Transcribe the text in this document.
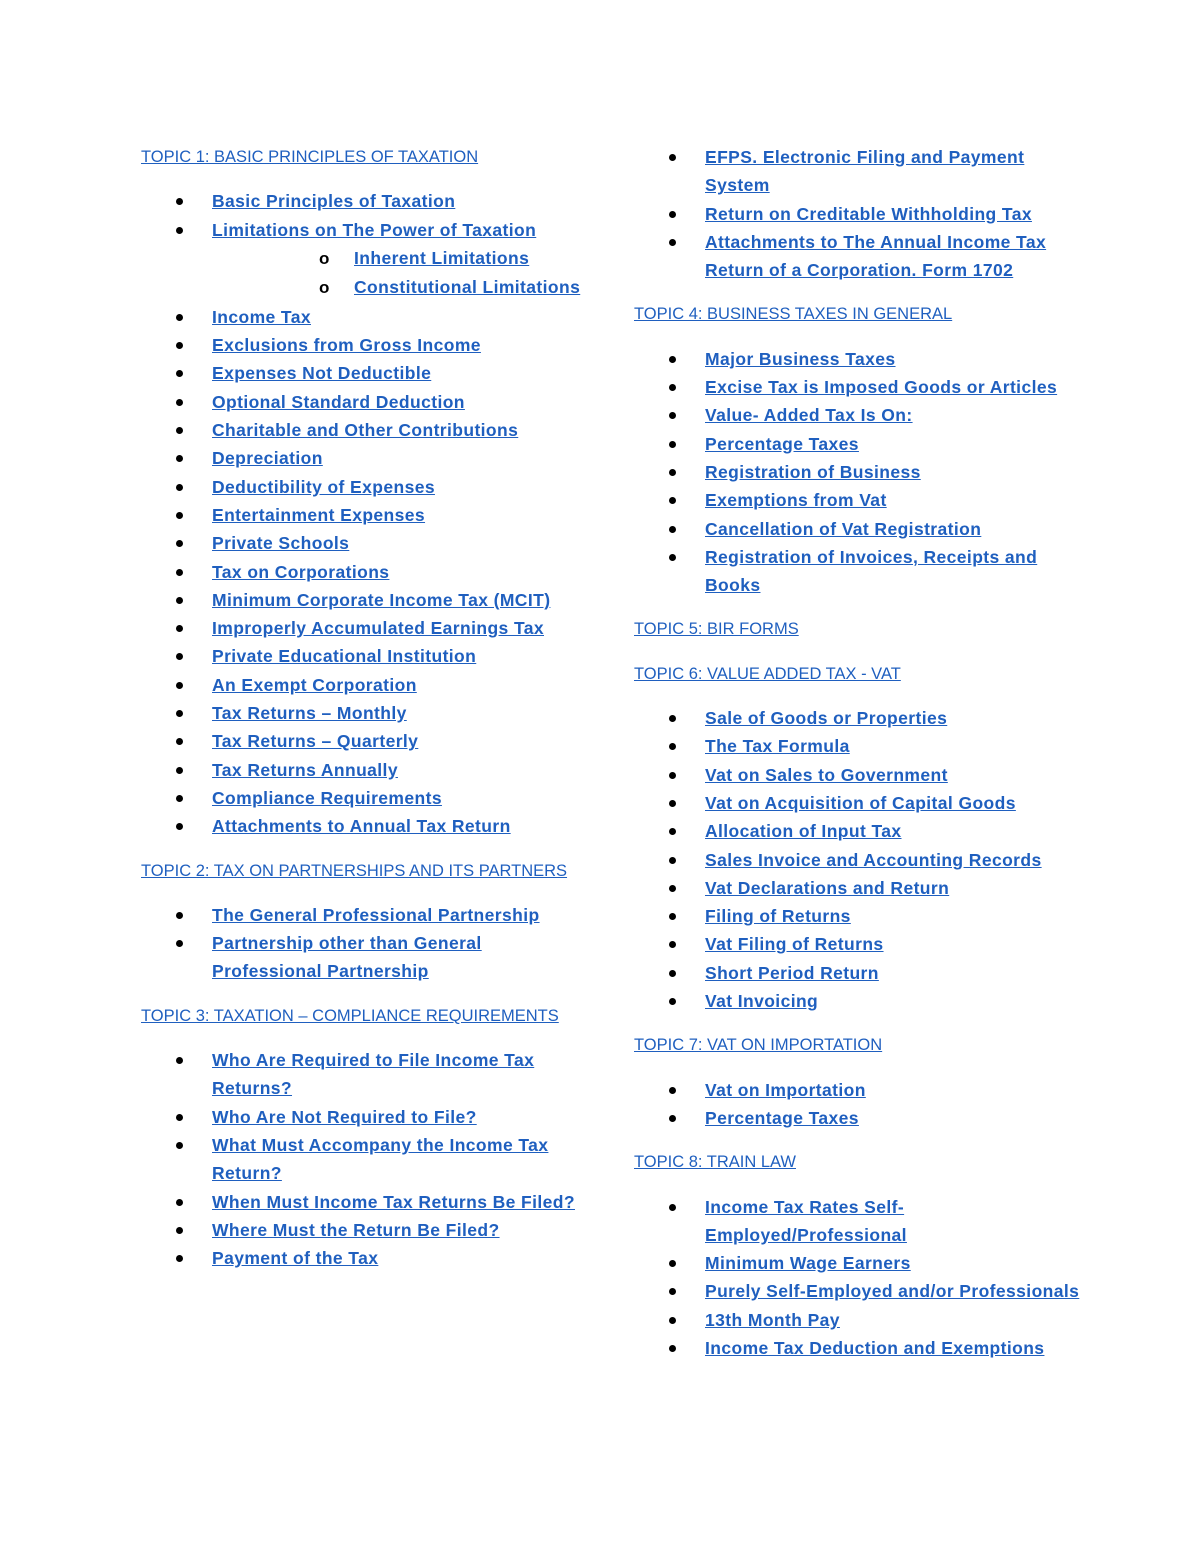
TOPIC 1: BASIC PRINCIPLES OF TAXATION
Basic Principles of Taxation
Limitations on The Power of Taxation
o Inherent Limitations
o Constitutional Limitations
Income Tax
Exclusions from Gross Income
Expenses Not Deductible
Optional Standard Deduction
Charitable and Other Contributions
Depreciation
Deductibility of Expenses
Entertainment Expenses
Private Schools
Tax on Corporations
Minimum Corporate Income Tax (MCIT)
Improperly Accumulated Earnings Tax
Private Educational Institution
An Exempt Corporation
Tax Returns – Monthly
Tax Returns – Quarterly
Tax Returns Annually
Compliance Requirements
Attachments to Annual Tax Return
TOPIC 2: TAX ON PARTNERSHIPS AND ITS PARTNERS
The General Professional Partnership
Partnership other than General Professional Partnership
TOPIC 3: TAXATION – COMPLIANCE REQUIREMENTS
Who Are Required to File Income Tax Returns?
Who Are Not Required to File?
What Must Accompany the Income Tax Return?
When Must Income Tax Returns Be Filed?
Where Must the Return Be Filed?
Payment of the Tax
EFPS. Electronic Filing and Payment System
Return on Creditable Withholding Tax
Attachments to The Annual Income Tax Return of a Corporation. Form 1702
TOPIC 4: BUSINESS TAXES IN GENERAL
Major Business Taxes
Excise Tax is Imposed Goods or Articles
Value- Added Tax Is On:
Percentage Taxes
Registration of Business
Exemptions from Vat
Cancellation of Vat Registration
Registration of Invoices, Receipts and Books
TOPIC 5: BIR FORMS
TOPIC 6: VALUE ADDED TAX - VAT
Sale of Goods or Properties
The Tax Formula
Vat on Sales to Government
Vat on Acquisition of Capital Goods
Allocation of Input Tax
Sales Invoice and Accounting Records
Vat Declarations and Return
Filing of Returns
Vat Filing of Returns
Short Period Return
Vat Invoicing
TOPIC 7: VAT ON IMPORTATION
Vat on Importation
Percentage Taxes
TOPIC 8: TRAIN LAW
Income Tax Rates Self-Employed/Professional
Minimum Wage Earners
Purely Self-Employed and/or Professionals
13th Month Pay
Income Tax Deduction and Exemptions
